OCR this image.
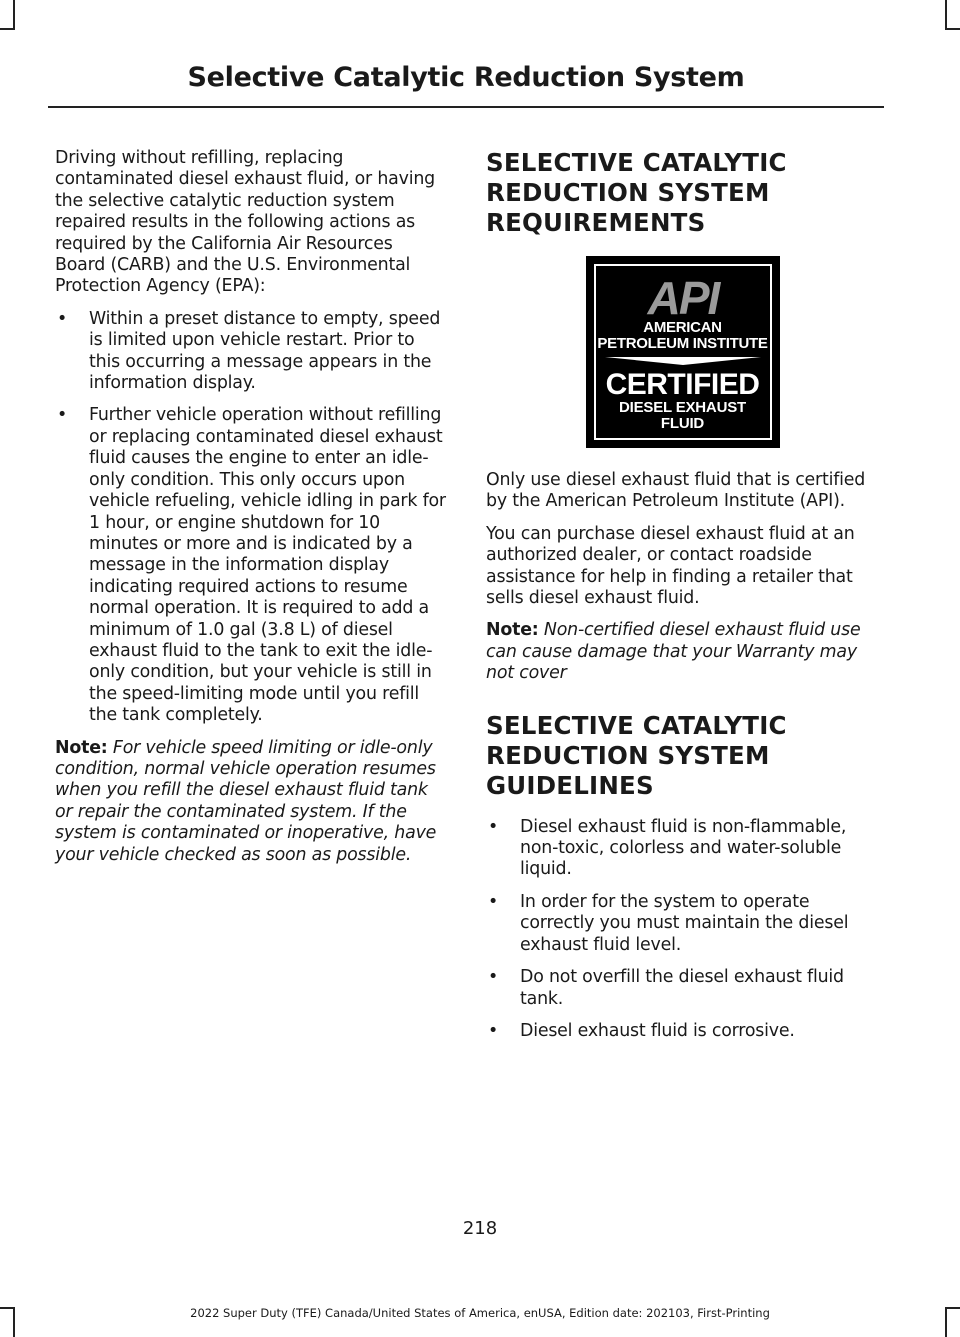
Selective Catalytic Reduction System

Driving without refilling, replacing contaminated diesel exhaust fluid, or having the selective catalytic reduction system repaired results in the following actions as required by the California Air Resources Board (CARB) and the U.S. Environmental Protection Agency (EPA):

• Within a preset distance to empty, speed is limited upon vehicle restart. Prior to this occurring a message appears in the information display.
• Further vehicle operation without refilling or replacing contaminated diesel exhaust fluid causes the engine to enter an idle-only condition. This only occurs upon vehicle refueling, vehicle idling in park for 1 hour, or engine shutdown for 10 minutes or more and is indicated by a message in the information display indicating required actions to resume normal operation. It is required to add a minimum of 1.0 gal (3.8 L) of diesel exhaust fluid to the tank to exit the idle-only condition, but your vehicle is still in the speed-limiting mode until you refill the tank completely.

Note: For vehicle speed limiting or idle-only condition, normal vehicle operation resumes when you refill the diesel exhaust fluid tank or repair the contaminated system. If the system is contaminated or inoperative, have your vehicle checked as soon as possible.

SELECTIVE CATALYTIC
REDUCTION SYSTEM
REQUIREMENTS
API
AMERICAN
PETROLEUM INSTITUTE
CERTIFIED
DIESEL EXHAUST
FLUID

Only use diesel exhaust fluid that is certified by the American Petroleum Institute (API).

You can purchase diesel exhaust fluid at an authorized dealer, or contact roadside assistance for help in finding a retailer that sells diesel exhaust fluid.

Note: Non-certified diesel exhaust fluid use can cause damage that your Warranty may not cover

SELECTIVE CATALYTIC
REDUCTION SYSTEM
GUIDELINES
• Diesel exhaust fluid is non-flammable, non-toxic, colorless and water-soluble liquid.
• In order for the system to operate correctly you must maintain the diesel exhaust fluid level.
• Do not overfill the diesel exhaust fluid tank.
• Diesel exhaust fluid is corrosive.
218
2022 Super Duty (TFE) Canada/United States of America, enUSA, Edition date: 202103, First-Printing
